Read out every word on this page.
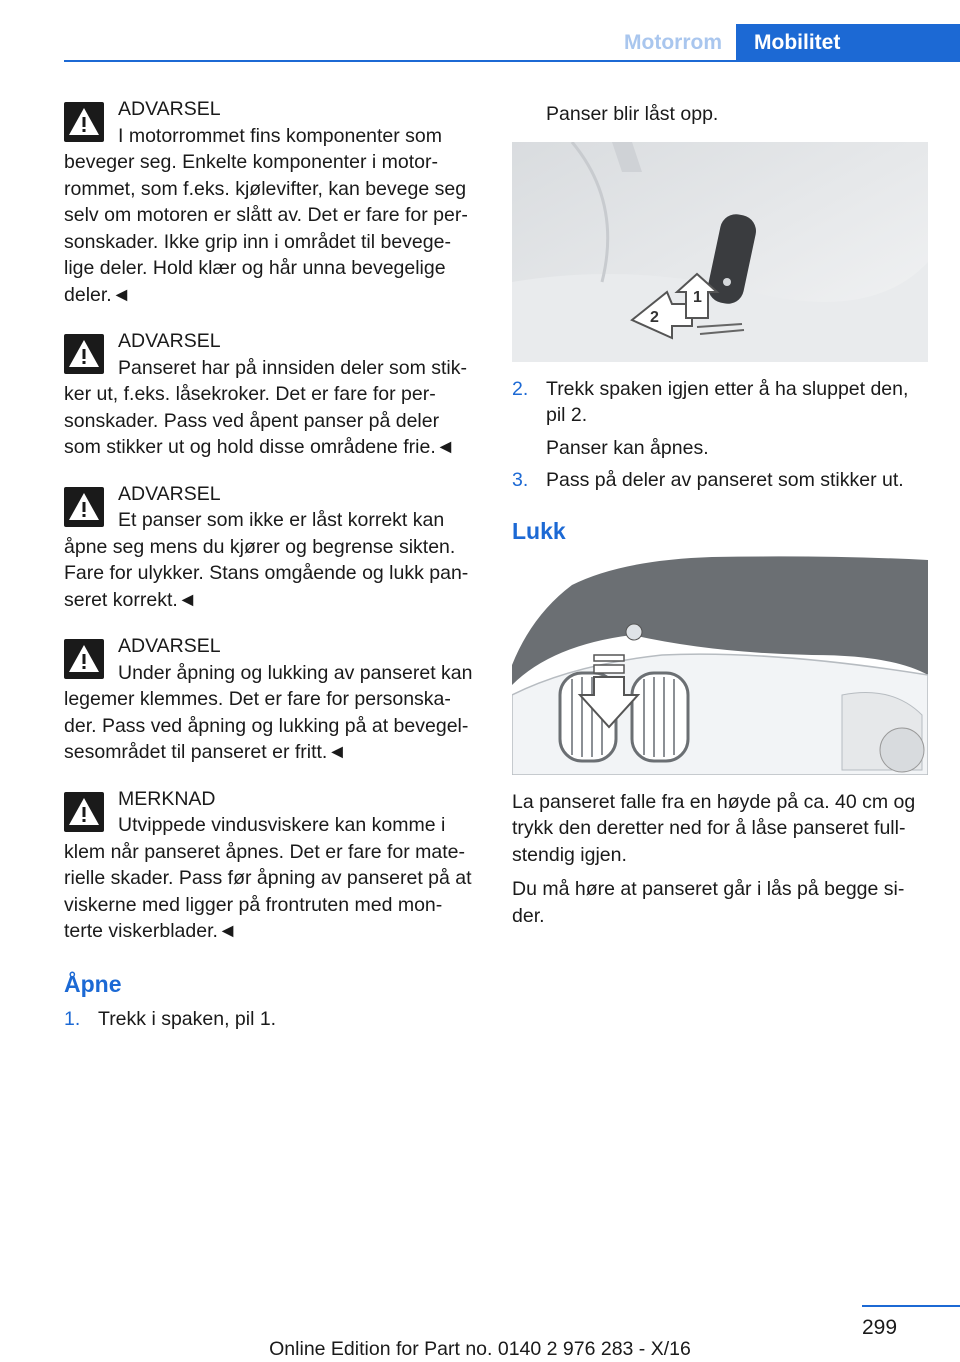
Motorrom	Mobilitet
ADVARSEL
I motorrommet fins komponenter som
beveger seg. Enkelte komponenter i motor-rommet, som f.eks. kjølevifter, kan bevege seg selv om motoren er slått av. Det er fare for per-sonskader. Ikke grip inn i området til bevege-lige deler. Hold klær og hår unna bevegelige deler.◄
ADVARSEL
Panseret har på innsiden deler som stik-
ker ut, f.eks. låsekroker. Det er fare for per-sonskader. Pass ved åpent panser på deler som stikker ut og hold disse områdene frie.◄
ADVARSEL
Et panser som ikke er låst korrekt kan
åpne seg mens du kjører og begrense sikten. Fare for ulykker. Stans omgående og lukk pan-seret korrekt.◄
ADVARSEL
Under åpning og lukking av panseret kan
legemer klemmes. Det er fare for personska-der. Pass ved åpning og lukking på at bevegel-sesområdet til panseret er fritt.◄
MERKNAD
Utvippede vindusviskere kan komme i
klem når panseret åpnes. Det er fare for mate-rielle skader. Pass før åpning av panseret på at viskerne med ligger på frontruten med mon-terte viskerblader.◄
Åpne
1. Trekk i spaken, pil 1.
Panser blir låst opp.
2
1
2. Trekk spaken igjen etter å ha sluppet den, pil 2.
Panser kan åpnes.
3. Pass på deler av panseret som stikker ut.
Lukk
La panseret falle fra en høyde på ca. 40 cm og trykk den deretter ned for å låse panseret full-stendig igjen.
Du må høre at panseret går i lås på begge si-der.
299
Online Edition for Part no. 0140 2 976 283 - X/16
